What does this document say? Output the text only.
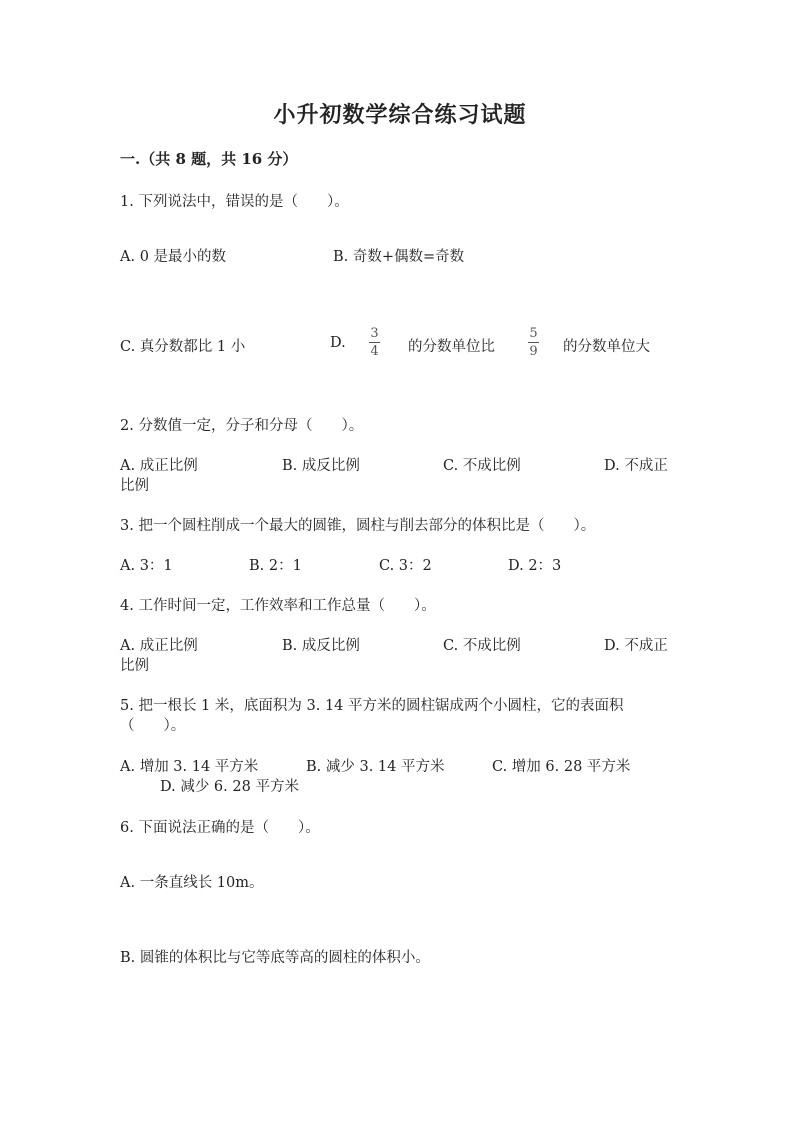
小升初数学综合练习试题
一.（共 8 题，共 16 分）
1. 下列说法中，错误的是（　　）。
A. 0 是最小的数	B. 奇数+偶数=奇数
C. 真分数都比 1 小	D.
3
4 的分数单位比
5
9 的分数单位大
2. 分数值一定，分子和分母（　　）。
A. 成正比例	B. 成反比例	C. 不成比例	D. 不成正
比例
3. 把一个圆柱削成一个最大的圆锥，圆柱与削去部分的体积比是（　　）。
A. 3：1	B. 2：1	C. 3：2	D. 2：3
4. 工作时间一定，工作效率和工作总量（　　）。
A. 成正比例	B. 成反比例	C. 不成比例	D. 不成正
比例
5. 把一根长 1 米，底面积为 3. 14 平方米的圆柱锯成两个小圆柱，它的表面积
（　　）。
A. 增加 3. 14 平方米	B. 减少 3. 14 平方米	C. 增加 6. 28 平方米
D. 减少 6. 28 平方米
6. 下面说法正确的是（　　）。
A. 一条直线长 10m。
B. 圆锥的体积比与它等底等高的圆柱的体积小。
